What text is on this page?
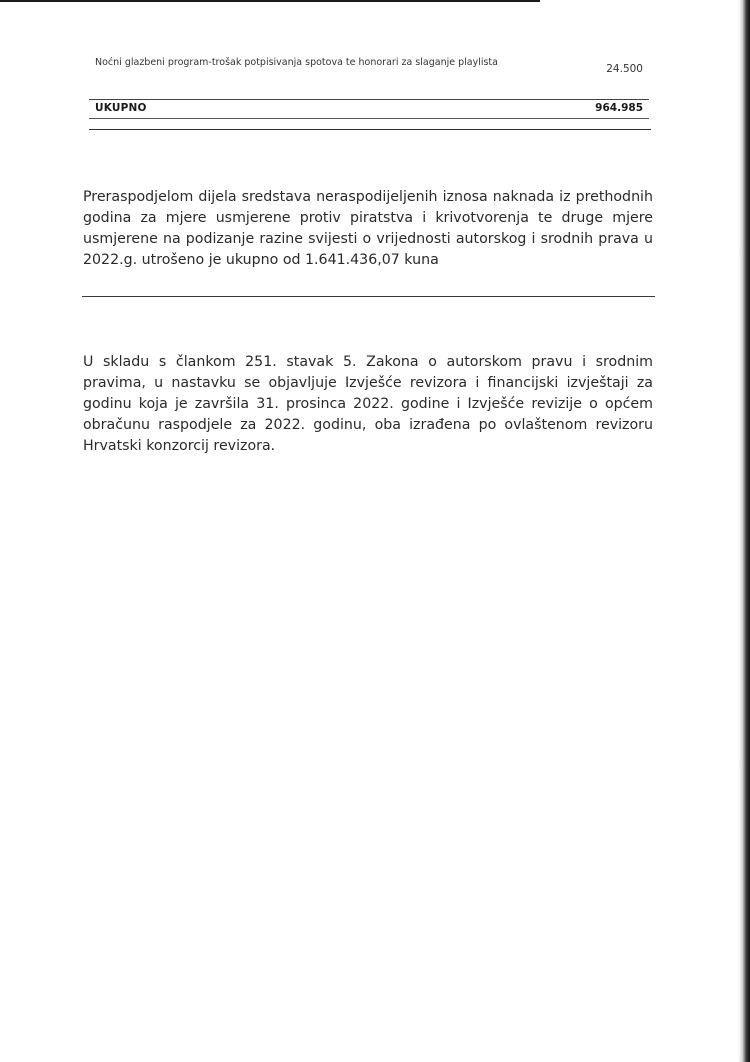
Noćni glazbeni program-trošak potpisivanja spotova te honorari za slaganje playlista
24.500
UKUPNO	964.985

Preraspodjelom dijela sredstava neraspodijeljenih iznosa naknada iz prethodnih godina za mjere usmjerene protiv piratstva i krivotvorenja te druge mjere usmjerene na podizanje razine svijesti o vrijednosti autorskog i srodnih prava u 2022.g. utrošeno je ukupno od 1.641.436,07 kuna

U skladu s člankom 251. stavak 5. Zakona o autorskom pravu i srodnim pravima, u nastavku se objavljuje Izvješće revizora i financijski izvještaji za godinu koja je završila 31. prosinca 2022. godine i Izvješće revizije o općem obračunu raspodjele za 2022. godinu, oba izrađena po ovlaštenom revizoru Hrvatski konzorcij revizora.
